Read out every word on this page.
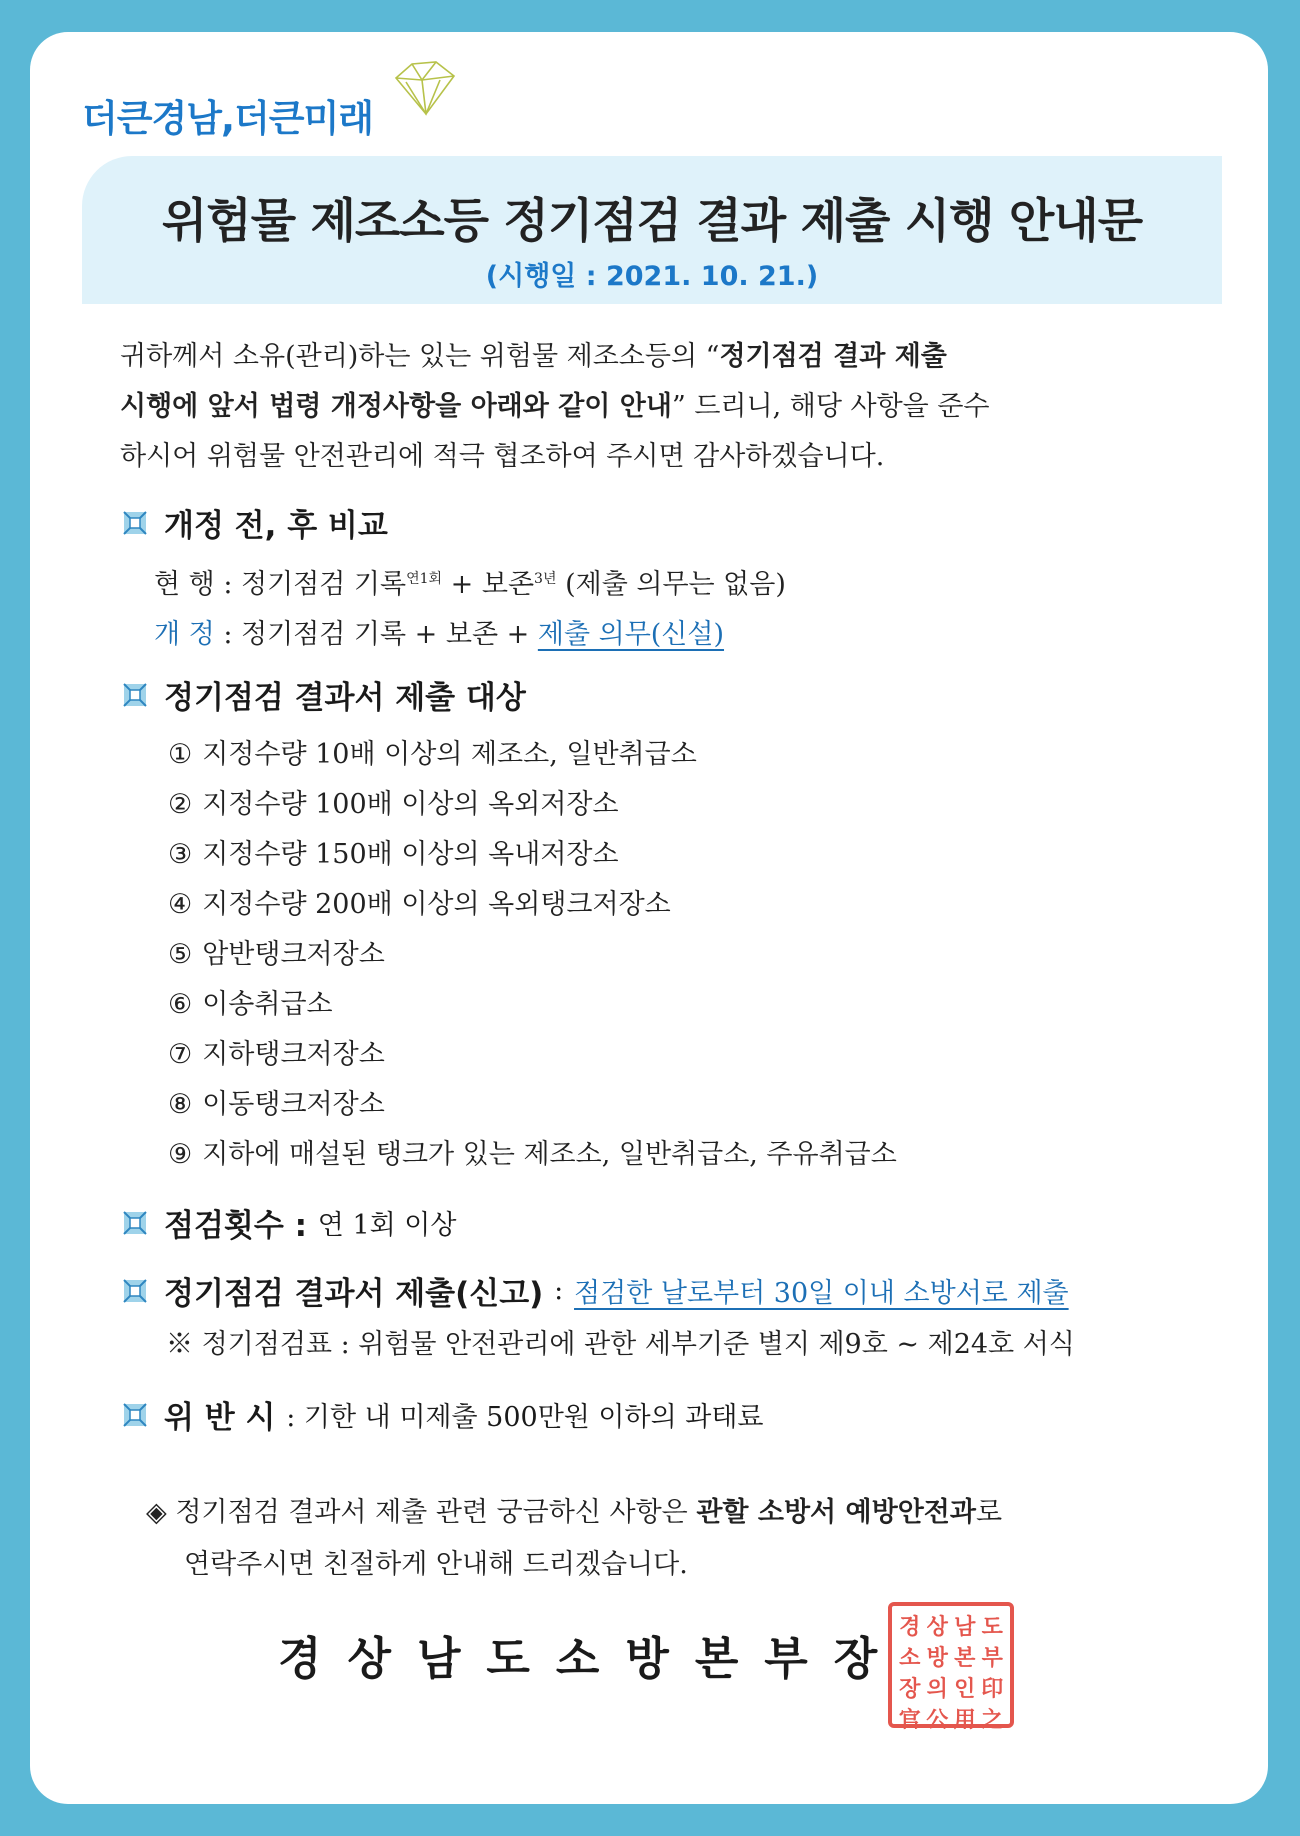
더큰경남,더큰미래
위험물 제조소등 정기점검 결과 제출 시행 안내문
(시행일 : 2021. 10. 21.)
귀하께서 소유(관리)하는 있는 위험물 제조소등의 “정기점검 결과 제출
시행에 앞서 법령 개정사항을 아래와 같이 안내” 드리니, 해당 사항을 준수
하시어 위험물 안전관리에 적극 협조하여 주시면 감사하겠습니다.
개정 전, 후 비교
현 행 : 정기점검 기록$^{연1회}$ + 보존$^{3년}$ (제출 의무는 없음)
개 정 : 정기점검 기록 + 보존 + 제출 의무(신설)
정기점검 결과서 제출 대상
① 지정수량 10배 이상의 제조소, 일반취급소
② 지정수량 100배 이상의 옥외저장소
③ 지정수량 150배 이상의 옥내저장소
④ 지정수량 200배 이상의 옥외탱크저장소
⑤ 암반탱크저장소
⑥ 이송취급소
⑦ 지하탱크저장소
⑧ 이동탱크저장소
⑨ 지하에 매설된 탱크가 있는 제조소, 일반취급소, 주유취급소
점검횟수 :
연 1회 이상
정기점검 결과서 제출(신고)
:
점검한 날로부터 30일 이내 소방서로 제출
※ 정기점검표 : 위험물 안전관리에 관한 세부기준 별지 제9호 ~ 제24호 서식
위 반 시
: 기한 내 미제출 500만원 이하의 과태료
◈ 정기점검 결과서 제출 관련 궁금하신 사항은 관할 소방서 예방안전과로
연락주시면 친절하게 안내해 드리겠습니다.
경상남도소방본부장
경 상 남 도
소 방 본 부
장 의 인 印
官 公 用 之
